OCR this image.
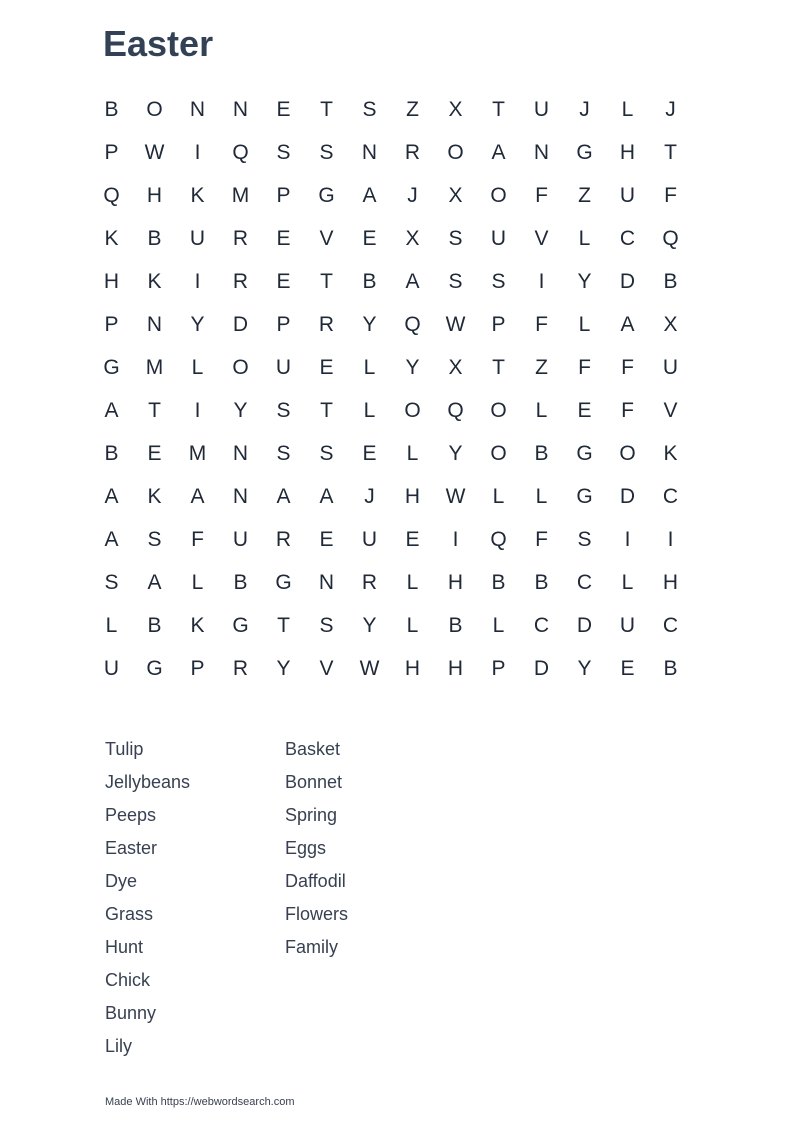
Easter
B	O	N	N	E	T	S	Z	X	T	U	J	L	J
P	W	I	Q	S	S	N	R	O	A	N	G	H	T
Q	H	K	M	P	G	A	J	X	O	F	Z	U	F
K	B	U	R	E	V	E	X	S	U	V	L	C	Q
H	K	I	R	E	T	B	A	S	S	I	Y	D	B
P	N	Y	D	P	R	Y	Q	W	P	F	L	A	X
G	M	L	O	U	E	L	Y	X	T	Z	F	F	U
A	T	I	Y	S	T	L	O	Q	O	L	E	F	V
B	E	M	N	S	S	E	L	Y	O	B	G	O	K
A	K	A	N	A	A	J	H	W	L	L	G	D	C
A	S	F	U	R	E	U	E	I	Q	F	S	I	I
S	A	L	B	G	N	R	L	H	B	B	C	L	H
L	B	K	G	T	S	Y	L	B	L	C	D	U	C
U	G	P	R	Y	V	W	H	H	P	D	Y	E	B
Tulip
Jellybeans
Peeps
Easter
Dye
Grass
Hunt
Chick
Bunny
Lily
Basket
Bonnet
Spring
Eggs
Daffodil
Flowers
Family
Made With https://webwordsearch.com
